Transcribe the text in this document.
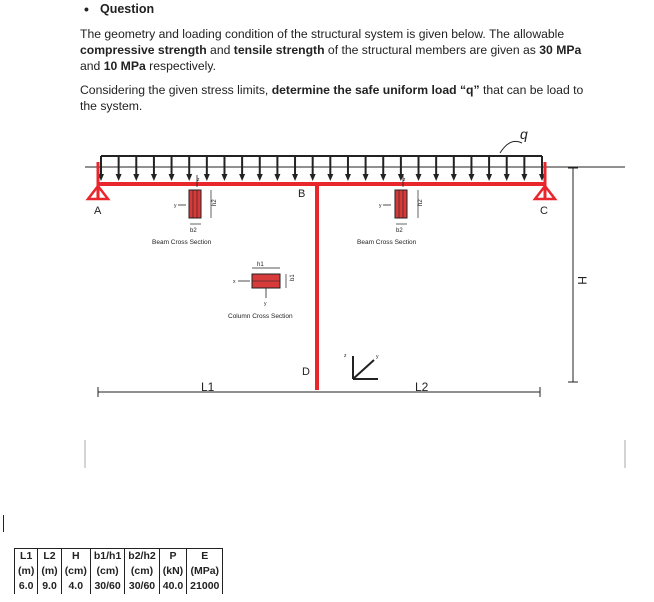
• Question
The geometry and loading condition of the structural system is given below. The allowable compressive strength and tensile strength of the structural members are given as 30 MPa and 10 MPa respectively.
Considering the given stress limits, determine the safe uniform load “q” that can be load to the system.
q
A
B
C
D
z
y	h2
b2
Beam Cross Section
z
y	h2
b2
Beam Cross Section
h1
b1
x
y
Column Cross Section
z	y
L1	L2
H
L1	L2	H	b1/h1	b2/h2	P	E
(m)	(m)	(cm)	(cm)	(cm)	(kN)	(MPa)
6.0	9.0	4.0	30/60	30/60	40.0	21000
